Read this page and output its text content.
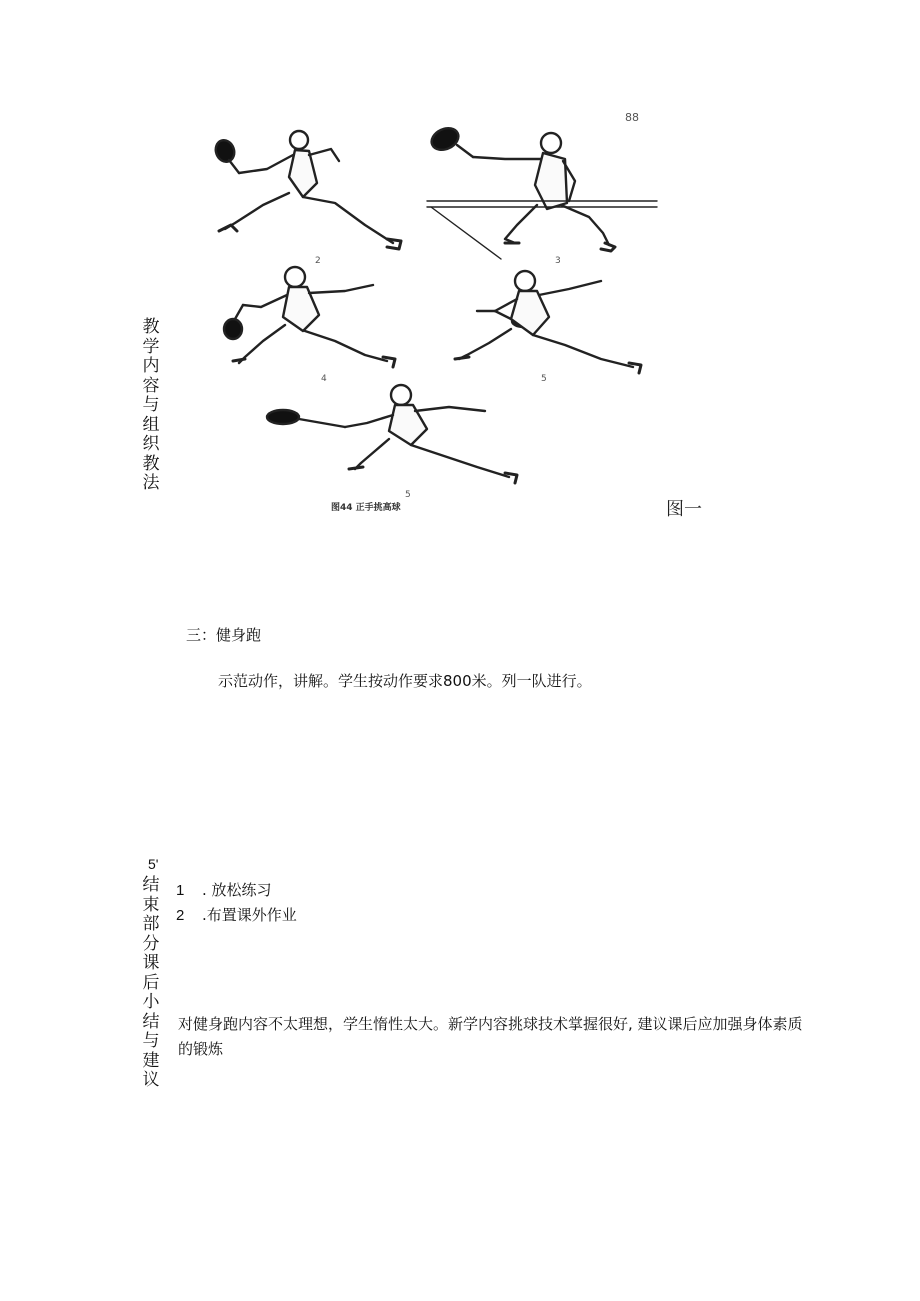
教学内容与组织教法
2	3
88
4	5
5
图44 正手挑高球	图一
三：健身跑
示范动作，讲解。学生按动作要求800米。列一队进行。
5'
结束部分课后小结与建议
1 . 放松练习
2 .布置课外作业
对健身跑内容不太理想，学生惰性太大。新学内容挑球技术掌握很好, 建议课后应加强身体素质的锻炼
